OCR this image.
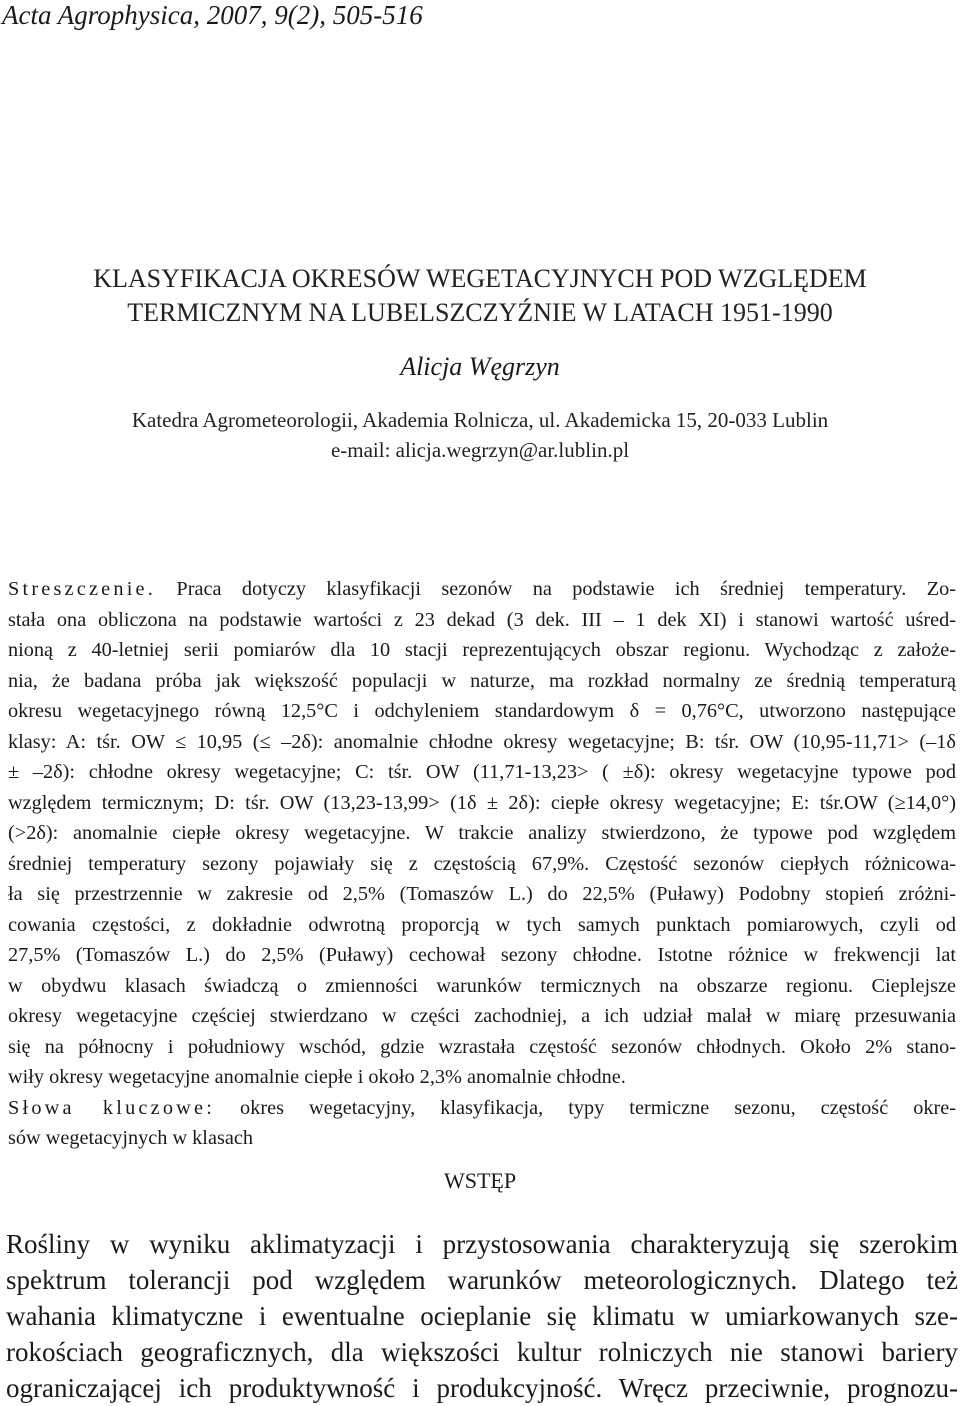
Acta Agrophysica, 2007, 9(2), 505-516
KLASYFIKACJA OKRESÓW WEGETACYJNYCH POD WZGLĘDEM
TERMICZNYM NA LUBELSZCZYŹNIE W LATACH 1951-1990
Alicja Węgrzyn
Katedra Agrometeorologii, Akademia Rolnicza, ul. Akademicka 15, 20-033 Lublin
e-mail: alicja.wegrzyn@ar.lublin.pl
Streszczenie. Praca dotyczy klasyfikacji sezonów na podstawie ich średniej temperatury. Zo-
stała ona obliczona na podstawie wartości z 23 dekad (3 dek. III – 1 dek XI) i stanowi wartość uśred-
nioną z 40-letniej serii pomiarów dla 10 stacji reprezentujących obszar regionu. Wychodząc z założe-
nia, że badana próba jak większość populacji w naturze, ma rozkład normalny ze średnią temperaturą
okresu wegetacyjnego równą 12,5°C i odchyleniem standardowym δ = 0,76°C, utworzono następujące
klasy: A: tśr. OW ≤ 10,95 (≤ –2δ): anomalnie chłodne okresy wegetacyjne; B: tśr. OW (10,95-11,71> (–1δ
± –2δ): chłodne okresy wegetacyjne; C: tśr. OW (11,71-13,23> ( ±δ): okresy wegetacyjne typowe pod
względem termicznym; D: tśr. OW (13,23-13,99> (1δ ± 2δ): ciepłe okresy wegetacyjne; E: tśr.OW (≥14,0°)
(>2δ): anomalnie ciepłe okresy wegetacyjne. W trakcie analizy stwierdzono, że typowe pod względem
średniej temperatury sezony pojawiały się z częstością 67,9%. Częstość sezonów ciepłych różnicowa-
ła się przestrzennie w zakresie od 2,5% (Tomaszów L.) do 22,5% (Puławy) Podobny stopień zróżni-
cowania częstości, z dokładnie odwrotną proporcją w tych samych punktach pomiarowych, czyli od
27,5% (Tomaszów L.) do 2,5% (Puławy) cechował sezony chłodne. Istotne różnice w frekwencji lat
w obydwu klasach świadczą o zmienności warunków termicznych na obszarze regionu. Cieplejsze
okresy wegetacyjne częściej stwierdzano w części zachodniej, a ich udział malał w miarę przesuwania
się na północny i południowy wschód, gdzie wzrastała częstość sezonów chłodnych. Około 2% stano-
wiły okresy wegetacyjne anomalnie ciepłe i około 2,3% anomalnie chłodne.
Słowa kluczowe: okres wegetacyjny, klasyfikacja, typy termiczne sezonu, częstość okre-
sów wegetacyjnych w klasach
WSTĘP
Rośliny w wyniku aklimatyzacji i przystosowania charakteryzują się szerokim
spektrum tolerancji pod względem warunków meteorologicznych. Dlatego też
wahania klimatyczne i ewentualne ocieplanie się klimatu w umiarkowanych sze-
rokościach geograficznych, dla większości kultur rolniczych nie stanowi bariery
ograniczającej ich produktywność i produkcyjność. Wręcz przeciwnie, prognozu-
